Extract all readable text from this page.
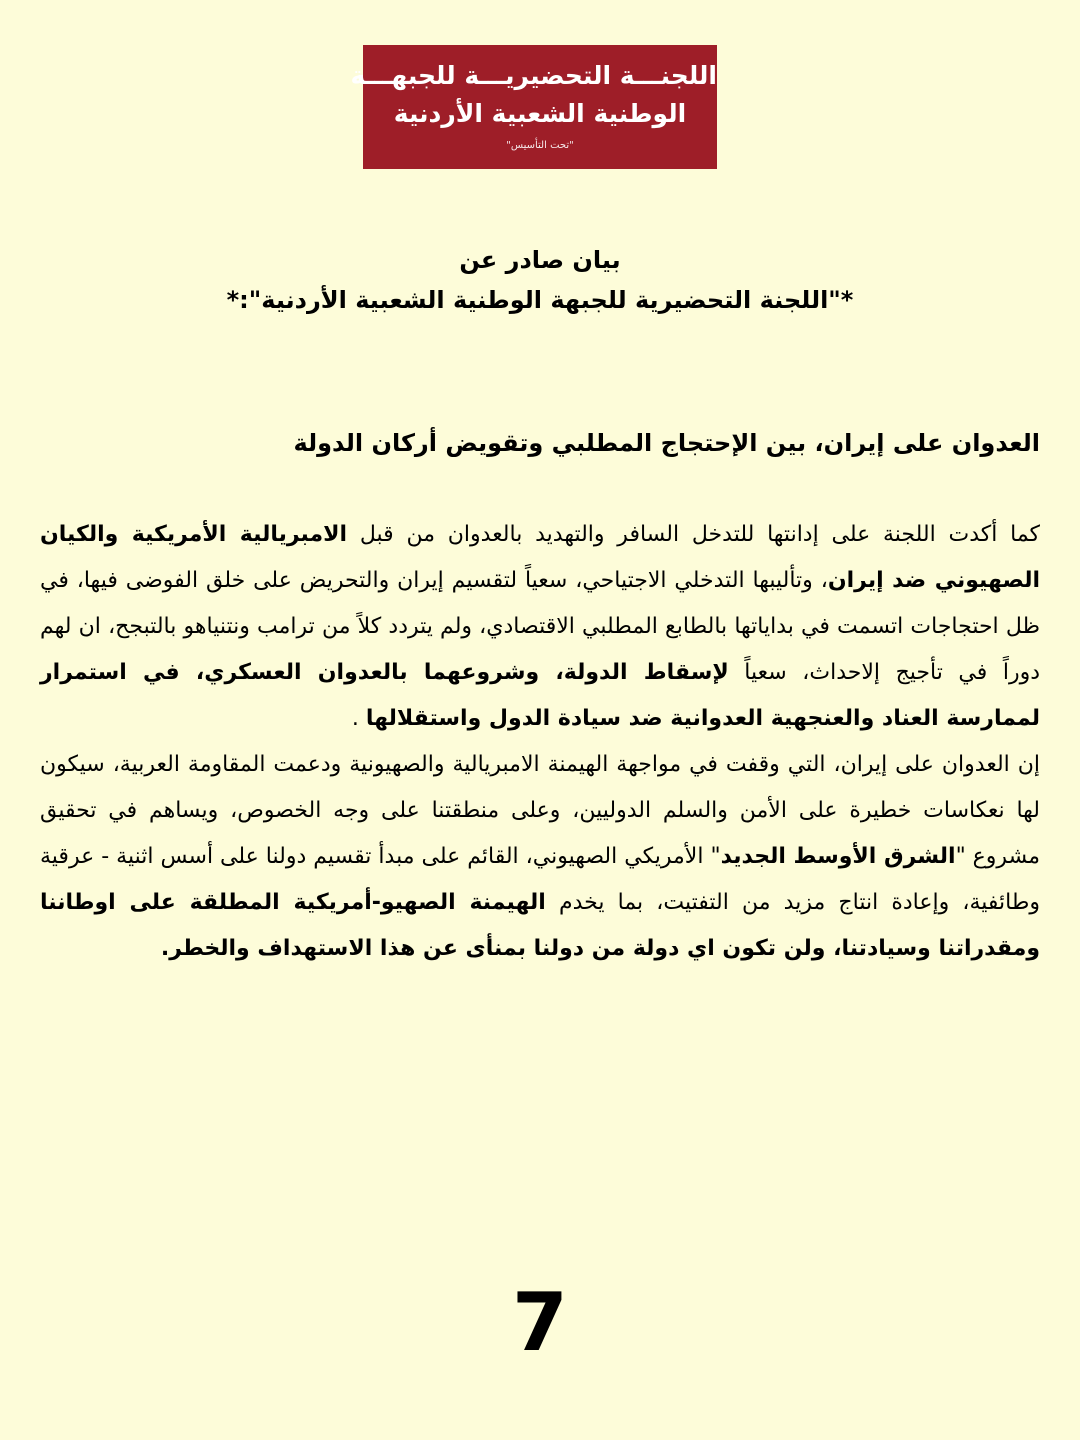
اللجنـــة التحضيريـــة للجبهـــة
الوطنية الشعبية الأردنية
"تحت التأسيس"
بيان صادر عن
*"اللجنة التحضيرية للجبهة الوطنية الشعبية الأردنية":*
العدوان على إيران، بين الإحتجاج المطلبي وتقويض أركان الدولة

كما أكدت اللجنة على إدانتها للتدخل السافر والتهديد بالعدوان من قبل الامبريالية الأمريكية والكيان الصهيوني ضد إيران، وتأليبها التدخلي الاجتياحي، سعياً لتقسيم إيران والتحريض على خلق الفوضى فيها، في ظل احتجاجات اتسمت في بداياتها بالطابع المطلبي الاقتصادي، ولم يتردد كلاً من ترامب ونتنياهو بالتبجح، ان لهم دوراً في تأجيج إلاحداث، سعياً لإسقاط الدولة، وشروعهما بالعدوان العسكري، في استمرار لممارسة العناد والعنجهية العدوانية ضد سيادة الدول واستقلالها .

إن العدوان على إيران، التي وقفت في مواجهة الهيمنة الامبريالية والصهيونية ودعمت المقاومة العربية، سيكون لها نعكاسات خطيرة على الأمن والسلم الدوليين، وعلى منطقتنا على وجه الخصوص، ويساهم في تحقيق مشروع "الشرق الأوسط الجديد" الأمريكي الصهيوني، القائم على مبدأ تقسيم دولنا على أسس اثنية - عرقية وطائفية، وإعادة انتاج مزيد من التفتيت، بما يخدم الهيمنة الصهيو-أمريكية المطلقة على اوطاننا ومقدراتنا وسيادتنا، ولن تكون اي دولة من دولنا بمنأى عن هذا الاستهداف والخطر.

7
